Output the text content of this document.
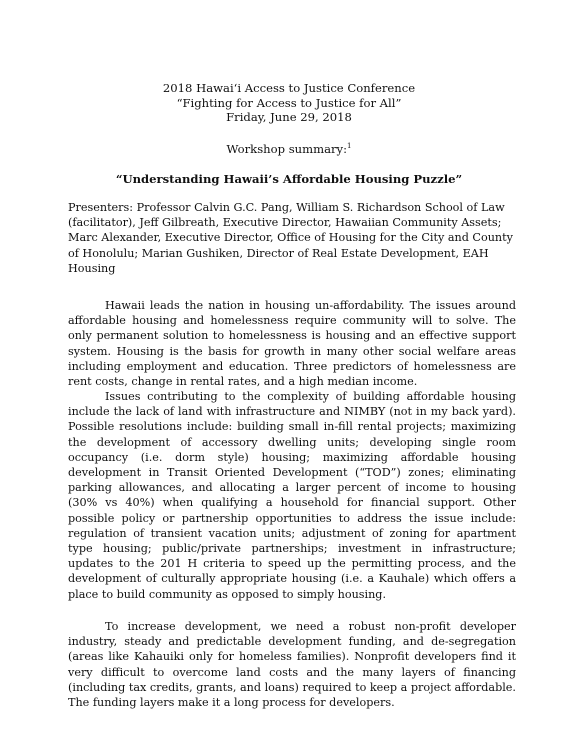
2018 Hawai‘i Access to Justice Conference
“Fighting for Access to Justice for All”
Friday, June 29, 2018
Workshop summary:$^1$
“Understanding Hawaii’s Affordable Housing Puzzle”
Presenters: Professor Calvin G.C. Pang, William S. Richardson School of Law (facilitator), Jeff Gilbreath, Executive Director, Hawaiian Community Assets; Marc Alexander, Executive Director, Office of Housing for the City and County of Honolulu; Marian Gushiken, Director of Real Estate Development, EAH Housing

Hawaii leads the nation in housing un-affordability. The issues around affordable housing and homelessness require community will to solve. The only permanent solution to homelessness is housing and an effective support system. Housing is the basis for growth in many other social welfare areas including employment and education. Three predictors of homelessness are rent costs, change in rental rates, and a high median income.

Issues contributing to the complexity of building affordable housing include the lack of land with infrastructure and NIMBY (not in my back yard). Possible resolutions include: building small in-fill rental projects; maximizing the development of accessory dwelling units; developing single room occupancy (i.e. dorm style) housing; maximizing affordable housing development in Transit Oriented Development (“TOD”) zones; eliminating parking allowances, and allocating a larger percent of income to housing (30% vs 40%) when qualifying a household for financial support. Other possible policy or partnership opportunities to address the issue include: regulation of transient vacation units; adjustment of zoning for apartment type housing; public/private partnerships; investment in infrastructure; updates to the 201 H criteria to speed up the permitting process, and the development of culturally appropriate housing (i.e. a Kauhale) which offers a place to build community as opposed to simply housing.

To increase development, we need a robust non-profit developer industry, steady and predictable development funding, and de-segregation (areas like Kahauiki only for homeless families). Nonprofit developers find it very difficult to overcome land costs and the many layers of financing (including tax credits, grants, and loans) required to keep a project affordable. The funding layers make it a long process for developers.
